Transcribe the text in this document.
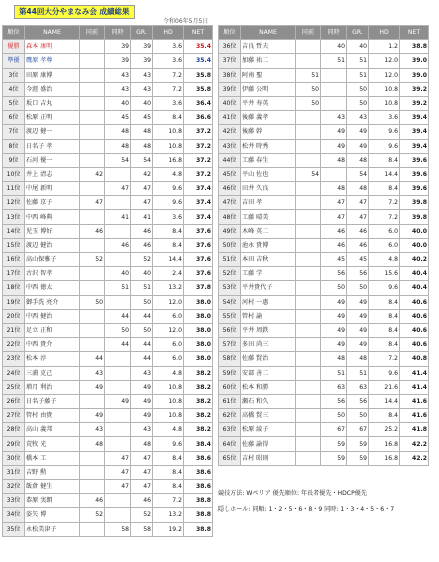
第44回大分やまなみ会 成績総果
令和06年5月5日
順位	NAME	同前	同時	GR.	HD	NET
優勝	森本 康明		39	39	3.6	35.4
準優	鷹原 孝尊		39	39	3.6	35.4
3位	田原 康博		43	43	7.2	35.8
4位	今涯 盛治		43	43	7.2	35.8
5位	坂口 吉丸		40	40	3.6	36.4
6位	松原 正明		45	45	8.4	36.6
7位	渡辺 健一		48	48	10.8	37.2
8位	日名子 孝		48	48	10.8	37.2
9位	石河 優一		54	54	16.8	37.2
10位	井上 清志	42		42	4.8	37.2
11位	中尾 新明		47	47	9.6	37.4
12位	佐藤 京子	47		47	9.6	37.4
13位	中西 峰典		41	41	3.6	37.4
14位	児玉 博好	46		46	8.4	37.6
15位	渡辺 健治		46	46	8.4	37.6
16位	高山保雅子	52		52	14.4	37.6
17位	古沢 智孝		40	40	2.4	37.6
18位	中西 徳太		51	51	13.2	37.8
19位	御手洗 亮介	50		50	12.0	38.0
20位	中西 健治		44	44	6.0	38.0
21位	足立 正和		50	50	12.0	38.0
22位	中西 貴介		44	44	6.0	38.0
23位	松本 淳	44		44	6.0	38.0
24位	三浦 克己	43		43	4.8	38.2
25位	増月 利治	49		49	10.8	38.2
26位	日名子藤子		49	49	10.8	38.2
27位	管村 由貴	49		49	10.8	38.2
28位	高山 義邦	43		43	4.8	38.2
29位	荒牧 光	48		48	9.6	38.4
30位	橋本 工		47	47	8.4	38.6
31位	吉野 勲		47	47	8.4	38.6
32位	飯倉 健生		47	47	8.4	38.6
33位	恭原 実朗	46		46	7.2	38.8
34位	姿矢 博	52		52	13.2	38.8
35位	永松美津子		58	58	19.2	38.8
順位	NAME	同前	同時	GR.	HD	NET
36位	吉良 哲夫		40	40	1.2	38.8
37位	加藤 祐二		51	51	12.0	39.0
38位	阿南 聖	51		51	12.0	39.0
39位	伊藤 公明	50		50	10.8	39.2
40位	平井 寿英	50		50	10.8	39.2
41位	後藤 義孝		43	43	3.6	39.4
42位	後藤 幹		49	49	9.6	39.4
43位	松井 時秀		49	49	9.6	39.4
44位	工藤 春生		48	48	8.4	39.6
45位	平山 佐也	54		54	14.4	39.6
46位	田井 久良		48	48	8.4	39.6
47位	吉田 孝		47	47	7.2	39.8
48位	工藤 晴美		47	47	7.2	39.8
49位	木峰 英二		46	46	6.0	40.0
50位	池永 貴博		46	46	6.0	40.0
51位	本田 吉秋		45	45	4.8	40.2
52位	工藤 学		56	56	15.6	40.4
53位	平井貴代子		50	50	9.6	40.4
54位	河村 一惠		49	49	8.4	40.6
55位	管村 諭		49	49	8.4	40.6
56位	平井 周鉄		49	49	8.4	40.6
57位	多田 尚三		49	49	8.4	40.6
58位	佐藤 賢治		48	48	7.2	40.8
59位	安部 善二		51	51	9.6	41.4
60位	松本 和勝		63	63	21.6	41.4
61位	瀬石 和久		56	56	14.4	41.6
62位	高橋 賢三		50	50	8.4	41.6
63位	松原 綾子		67	67	25.2	41.8
64位	佐藤 諭得		59	59	16.8	42.2
65位	吉村 昭則		59	59	16.8	42.2
競技方法: Wペリア 優先順位: 年長者優先・HDCP優先
隠しホール: 同順: 1・2・5・6・8・9 同時: 1・3・4・5・6・7
